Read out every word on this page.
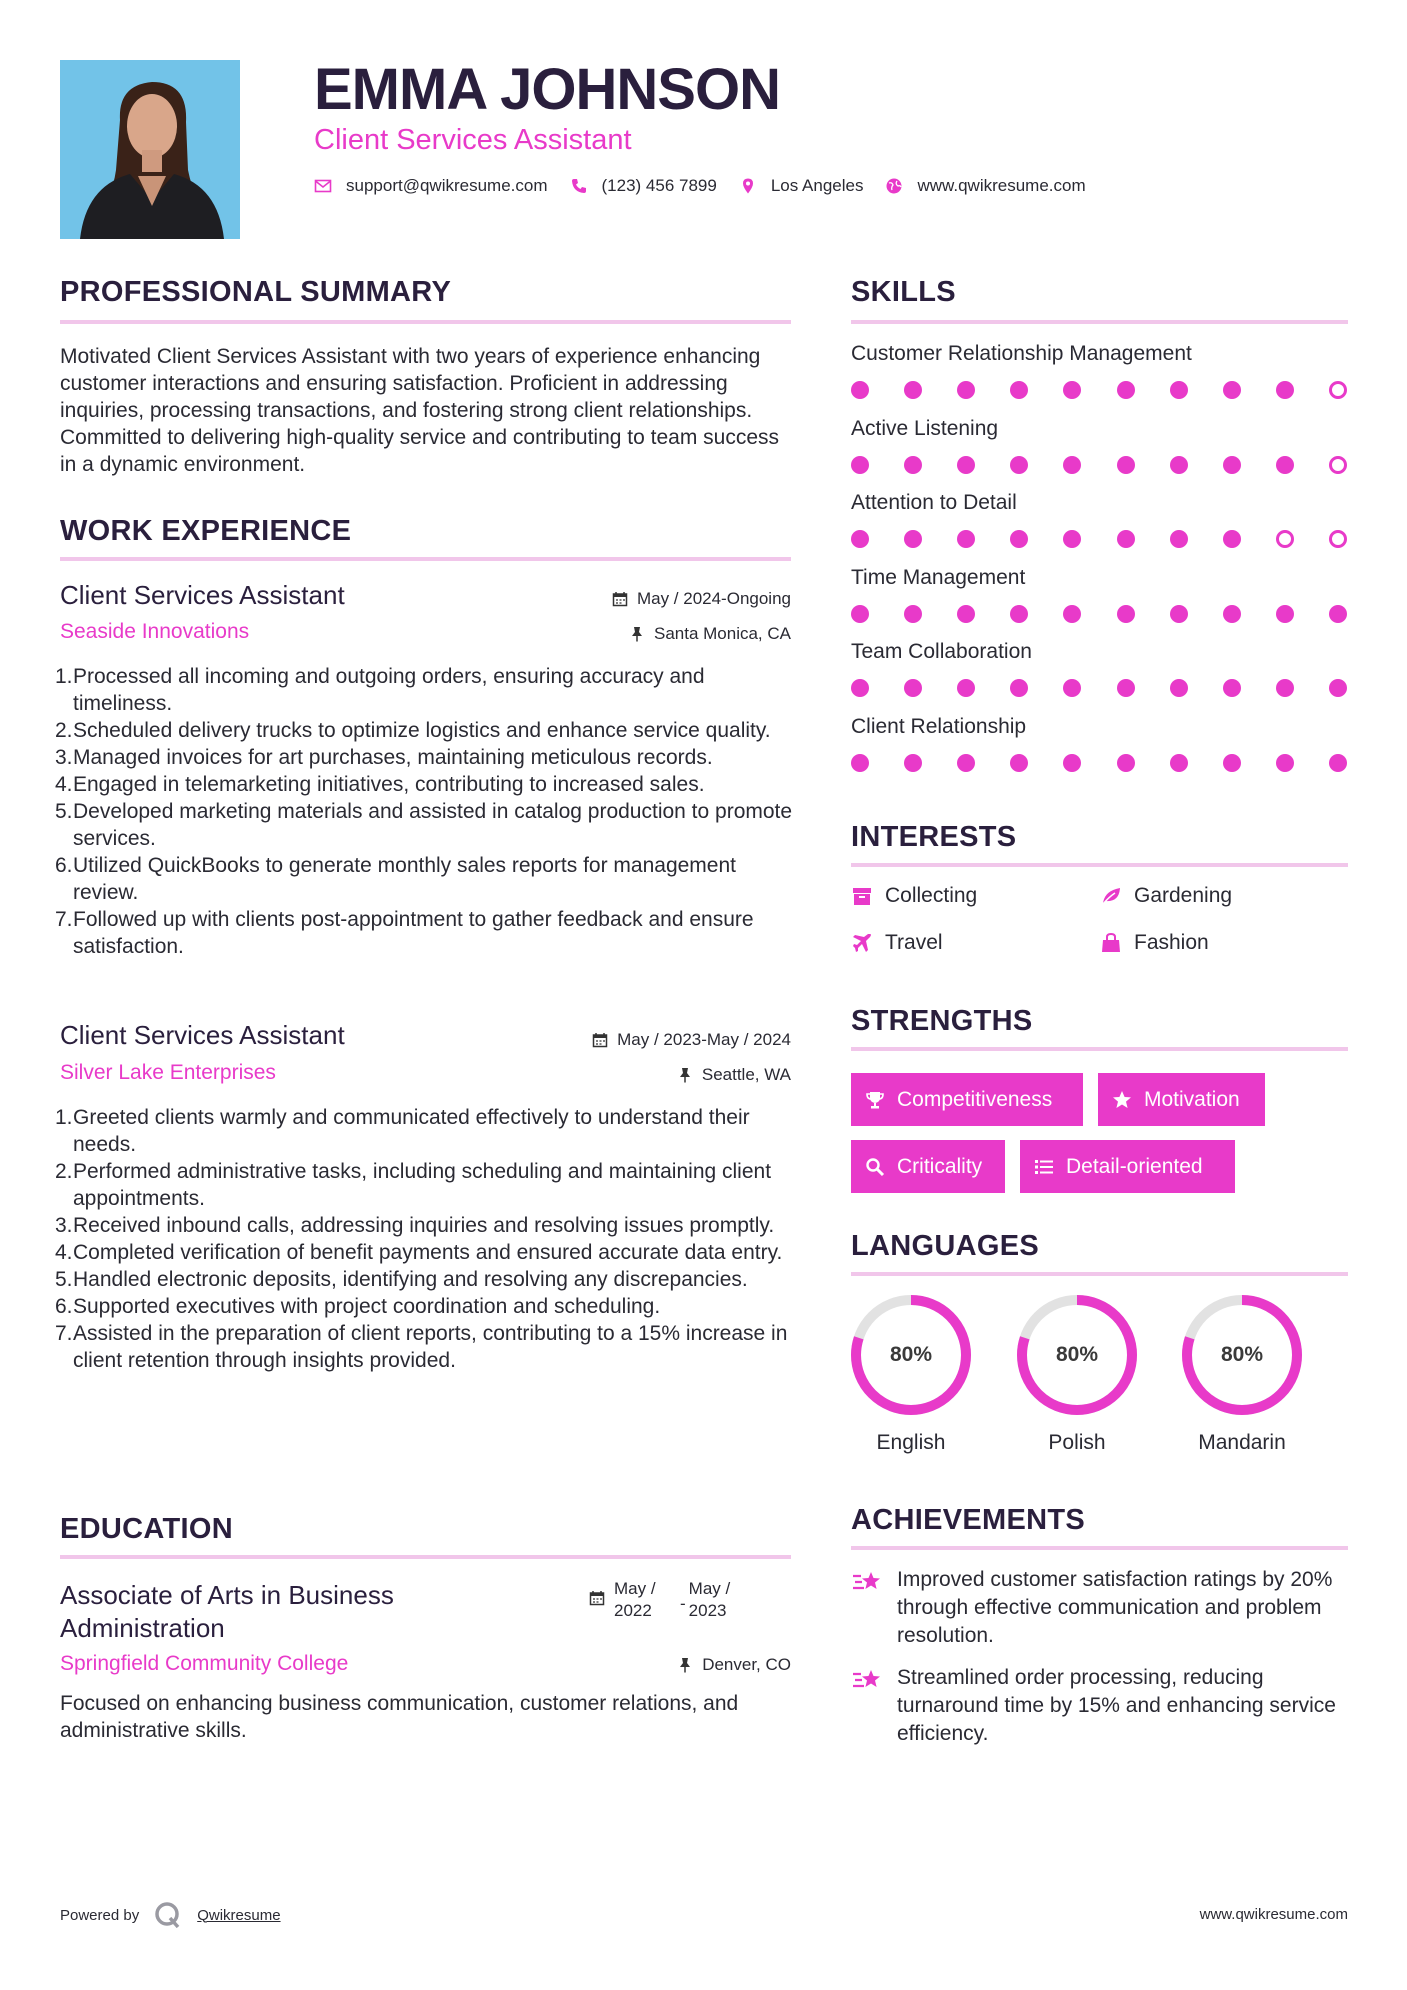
EMMA JOHNSON
Client Services Assistant
support@qwikresume.com	(123) 456 7899	Los Angeles	www.qwikresume.com
PROFESSIONAL SUMMARY
Motivated Client Services Assistant with two years of experience enhancing customer interactions and ensuring satisfaction. Proficient in addressing inquiries, processing transactions, and fostering strong client relationships. Committed to delivering high-quality service and contributing to team success in a dynamic environment.
WORK EXPERIENCE
Client Services Assistant	May / 2024-Ongoing
Seaside Innovations	Santa Monica, CA
1. Processed all incoming and outgoing orders, ensuring accuracy and timeliness.
2. Scheduled delivery trucks to optimize logistics and enhance service quality.
3. Managed invoices for art purchases, maintaining meticulous records.
4. Engaged in telemarketing initiatives, contributing to increased sales.
5. Developed marketing materials and assisted in catalog production to promote services.
6. Utilized QuickBooks to generate monthly sales reports for management review.
7. Followed up with clients post-appointment to gather feedback and ensure satisfaction.
Client Services Assistant	May / 2023-May / 2024
Silver Lake Enterprises	Seattle, WA
1. Greeted clients warmly and communicated effectively to understand their needs.
2. Performed administrative tasks, including scheduling and maintaining client appointments.
3. Received inbound calls, addressing inquiries and resolving issues promptly.
4. Completed verification of benefit payments and ensured accurate data entry.
5. Handled electronic deposits, identifying and resolving any discrepancies.
6. Supported executives with project coordination and scheduling.
7. Assisted in the preparation of client reports, contributing to a 15% increase in client retention through insights provided.
EDUCATION
Associate of Arts in Business Administration
May / 2022	-
May / 2023
Springfield Community College	Denver, CO
Focused on enhancing business communication, customer relations, and administrative skills.
SKILLS
Customer Relationship Management
Active Listening
Attention to Detail
Time Management
Team Collaboration
Client Relationship
INTERESTS
Collecting	Gardening
Travel	Fashion
STRENGTHS
Competitiveness	Motivation
Criticality	Detail-oriented
LANGUAGES
80%
English
80%
Polish
80%
Mandarin
ACHIEVEMENTS
Improved customer satisfaction ratings by 20% through effective communication and problem resolution.
Streamlined order processing, reducing turnaround time by 15% and enhancing service efficiency.
Powered by	Qwikresume	www.qwikresume.com
